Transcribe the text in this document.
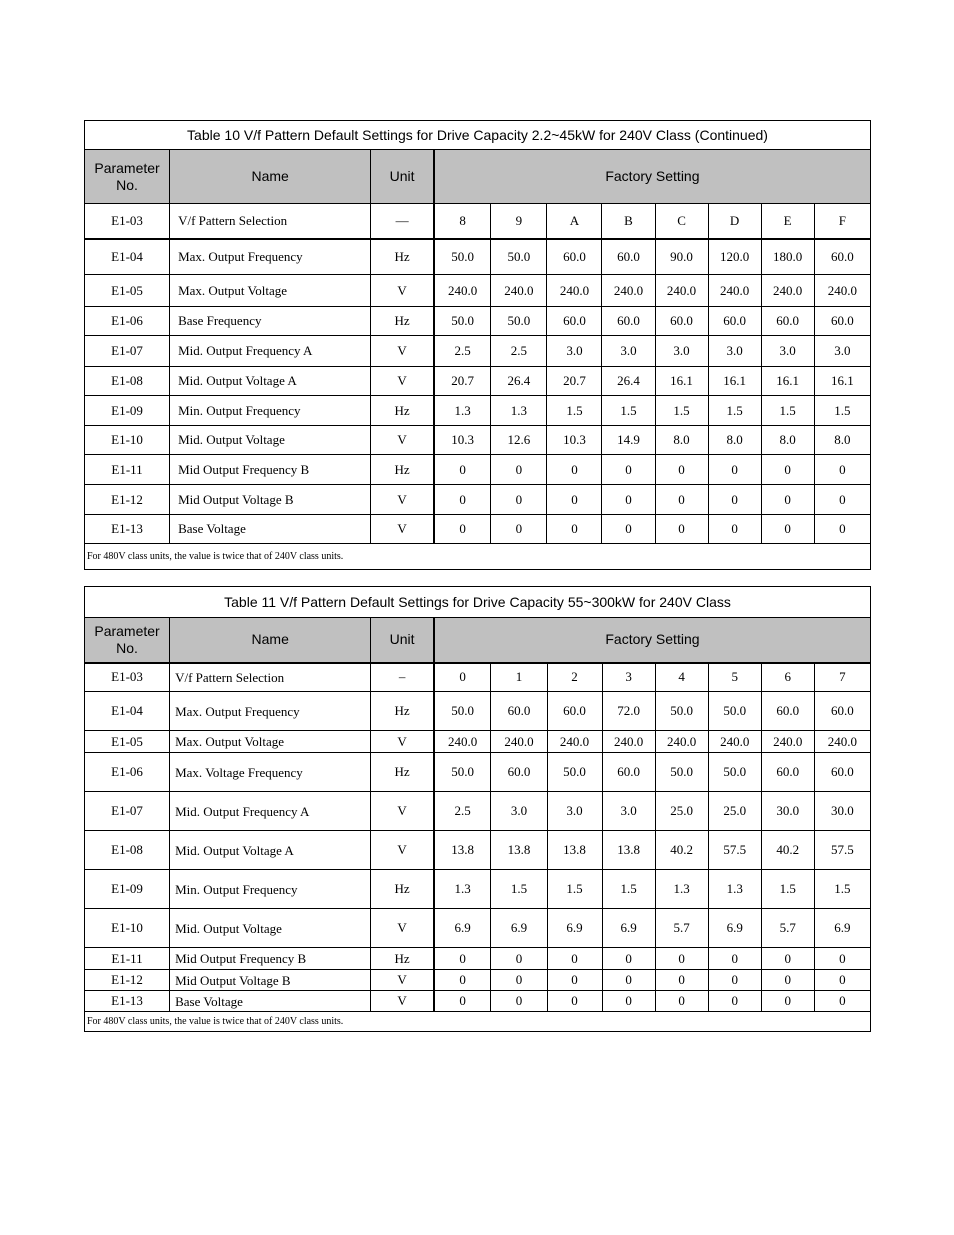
Table 10 V/f Pattern Default Settings for Drive Capacity 2.2~45kW for 240V Class (Continued)										
Parameter No.	Name	Unit	Factory Setting							
E1-03	V/f Pattern Selection	—	8	9	A	B	C	D	E	F
E1-04	Max. Output Frequency	Hz	50.0	50.0	60.0	60.0	90.0	120.0	180.0	60.0
E1-05	Max. Output Voltage	V	240.0	240.0	240.0	240.0	240.0	240.0	240.0	240.0
E1-06	Base Frequency	Hz	50.0	50.0	60.0	60.0	60.0	60.0	60.0	60.0
E1-07	Mid. Output Frequency A	V	2.5	2.5	3.0	3.0	3.0	3.0	3.0	3.0
E1-08	Mid. Output Voltage A	V	20.7	26.4	20.7	26.4	16.1	16.1	16.1	16.1
E1-09	Min. Output Frequency	Hz	1.3	1.3	1.5	1.5	1.5	1.5	1.5	1.5
E1-10	Mid. Output Voltage	V	10.3	12.6	10.3	14.9	8.0	8.0	8.0	8.0
E1-11	Mid Output Frequency B	Hz	0	0	0	0	0	0	0	0
E1-12	Mid Output Voltage B	V	0	0	0	0	0	0	0	0
E1-13	Base Voltage	V	0	0	0	0	0	0	0	0
For 480V class units, the value is twice that of 240V class units.										
Table 11 V/f Pattern Default Settings for Drive Capacity 55~300kW for 240V Class										
Parameter No.	Name	Unit	Factory Setting							
E1-03	V/f Pattern Selection	–	0	1	2	3	4	5	6	7
E1-04	Max. Output Frequency	Hz	50.0	60.0	60.0	72.0	50.0	50.0	60.0	60.0
E1-05	Max. Output Voltage	V	240.0	240.0	240.0	240.0	240.0	240.0	240.0	240.0
E1-06	Max. Voltage Frequency	Hz	50.0	60.0	50.0	60.0	50.0	50.0	60.0	60.0
E1-07	Mid. Output Frequency A	V	2.5	3.0	3.0	3.0	25.0	25.0	30.0	30.0
E1-08	Mid. Output Voltage A	V	13.8	13.8	13.8	13.8	40.2	57.5	40.2	57.5
E1-09	Min. Output Frequency	Hz	1.3	1.5	1.5	1.5	1.3	1.3	1.5	1.5
E1-10	Mid. Output Voltage	V	6.9	6.9	6.9	6.9	5.7	6.9	5.7	6.9
E1-11	Mid Output Frequency B	Hz	0	0	0	0	0	0	0	0
E1-12	Mid Output Voltage B	V	0	0	0	0	0	0	0	0
E1-13	Base Voltage	V	0	0	0	0	0	0	0	0
For 480V class units, the value is twice that of 240V class units.										
